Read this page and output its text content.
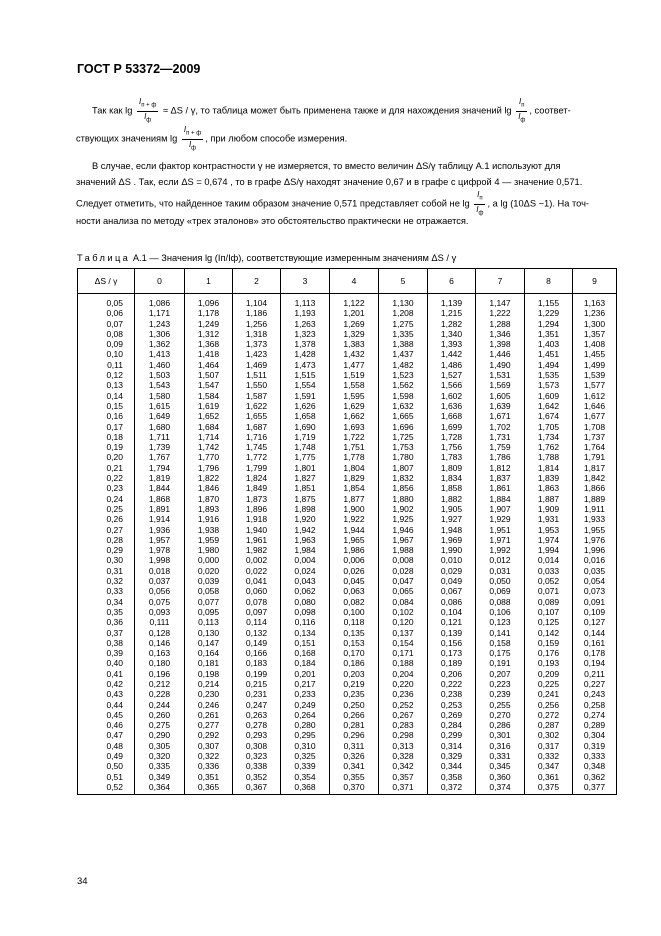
ГОСТ Р 53372—2009
Так как $\lg \frac{I_{п + ф}}{I_ф} \approx \Delta S / \gamma$, то таблица может быть применена также и для нахождения значений $\lg \frac{I_п}{I_ф}$ , соответ-
ствующих значениям $\lg \frac{I_{п + ф}}{I_ф}$ , при любом способе измерения.
В случае, если фактор контрастности γ не измеряется, то вместо величин ΔS/γ таблицу А.1 используют для
значений ΔS . Так, если ΔS = 0,674 , то в графе ΔS/γ находят значение 0,67 и в графе с цифрой 4 — значение 0,571.
Следует отметить, что найденное таким образом значение 0,571 представляет собой не $\lg \frac{I_п}{I_ф}$ , а lg (10ΔS −1). На точ-
ности анализа по методу «трех эталонов» это обстоятельство практически не отражается.
Таблица А.1 — Значения lg (Iп/Iф), соответствующие измеренным значениям ΔS / γ
ΔS / γ	0	1	2	3	4	5	6	7	8	9
0,05	1,086	1,096	1,104	1,113	1,122	1,130	1,139	1,147	1,155	1,163
0,06	1,171	1,178	1,186	1,193	1,201	1,208	1,215	1,222	1,229	1,236
0,07	1,243	1,249	1,256	1,263	1,269	1,275	1,282	1,288	1,294	1,300
0,08	1,306	1,312	1,318	1,323	1,329	1,335	1,340	1,346	1,351	1,357
0,09	1,362	1,368	1,373	1,378	1,383	1,388	1,393	1,398	1,403	1,408
0,10	1,413	1,418	1,423	1,428	1,432	1,437	1,442	1,446	1,451	1,455
0,11	1,460	1,464	1,469	1,473	1,477	1,482	1,486	1,490	1,494	1,499
0,12	1,503	1,507	1,511	1,515	1,519	1,523	1,527	1,531	1,535	1,539
0,13	1,543	1,547	1,550	1,554	1,558	1,562	1,566	1,569	1,573	1,577
0,14	1,580	1,584	1,587	1,591	1,595	1,598	1,602	1,605	1,609	1,612
0,15	1,615	1,619	1,622	1,626	1,629	1,632	1,636	1,639	1,642	1,646
0,16	1,649	1,652	1,655	1,658	1,662	1,665	1,668	1,671	1,674	1,677
0,17	1,680	1,684	1,687	1,690	1,693	1,696	1,699	1,702	1,705	1,708
0,18	1,711	1,714	1,716	1,719	1,722	1,725	1,728	1,731	1,734	1,737
0,19	1,739	1,742	1,745	1,748	1,751	1,753	1,756	1,759	1,762	1,764
0,20	1,767	1,770	1,772	1,775	1,778	1,780	1,783	1,786	1,788	1,791
0,21	1,794	1,796	1,799	1,801	1,804	1,807	1,809	1,812	1,814	1,817
0,22	1,819	1,822	1,824	1,827	1,829	1,832	1,834	1,837	1,839	1,842
0,23	1,844	1,846	1,849	1,851	1,854	1,856	1,858	1,861	1,863	1,866
0,24	1,868	1,870	1,873	1,875	1,877	1,880	1,882	1,884	1,887	1,889
0,25	1,891	1,893	1,896	1,898	1,900	1,902	1,905	1,907	1,909	1,911
0,26	1,914	1,916	1,918	1,920	1,922	1,925	1,927	1,929	1,931	1,933
0,27	1,936	1,938	1,940	1,942	1,944	1,946	1,948	1,951	1,953	1,955
0,28	1,957	1,959	1,961	1,963	1,965	1,967	1,969	1,971	1,974	1,976
0,29	1,978	1,980	1,982	1,984	1,986	1,988	1,990	1,992	1,994	1,996
0,30	1,998	0,000	0,002	0,004	0,006	0,008	0,010	0,012	0,014	0,016
0,31	0,018	0,020	0,022	0,024	0,026	0,028	0,029	0,031	0,033	0,035
0,32	0,037	0,039	0,041	0,043	0,045	0,047	0,049	0,050	0,052	0,054
0,33	0,056	0,058	0,060	0,062	0,063	0,065	0,067	0,069	0,071	0,073
0,34	0,075	0,077	0,078	0,080	0,082	0,084	0,086	0,088	0,089	0,091
0,35	0,093	0,095	0,097	0,098	0,100	0,102	0,104	0,106	0,107	0,109
0,36	0,111	0,113	0,114	0,116	0,118	0,120	0,121	0,123	0,125	0,127
0,37	0,128	0,130	0,132	0,134	0,135	0,137	0,139	0,141	0,142	0,144
0,38	0,146	0,147	0,149	0,151	0,153	0,154	0,156	0,158	0,159	0,161
0,39	0,163	0,164	0,166	0,168	0,170	0,171	0,173	0,175	0,176	0,178
0,40	0,180	0,181	0,183	0,184	0,186	0,188	0,189	0,191	0,193	0,194
0,41	0,196	0,198	0,199	0,201	0,203	0,204	0,206	0,207	0,209	0,211
0,42	0,212	0,214	0,215	0,217	0,219	0,220	0,222	0,223	0,225	0,227
0,43	0,228	0,230	0,231	0,233	0,235	0,236	0,238	0,239	0,241	0,243
0,44	0,244	0,246	0,247	0,249	0,250	0,252	0,253	0,255	0,256	0,258
0,45	0,260	0,261	0,263	0,264	0,266	0,267	0,269	0,270	0,272	0,274
0,46	0,275	0,277	0,278	0,280	0,281	0,283	0,284	0,286	0,287	0,289
0,47	0,290	0,292	0,293	0,295	0,296	0,298	0,299	0,301	0,302	0,304
0,48	0,305	0,307	0,308	0,310	0,311	0,313	0,314	0,316	0,317	0,319
0,49	0,320	0,322	0,323	0,325	0,326	0,328	0,329	0,331	0,332	0,333
0,50	0,335	0,336	0,338	0,339	0,341	0,342	0,344	0,345	0,347	0,348
0,51	0,349	0,351	0,352	0,354	0,355	0,357	0,358	0,360	0,361	0,362
0,52	0,364	0,365	0,367	0,368	0,370	0,371	0,372	0,374	0,375	0,377
34
